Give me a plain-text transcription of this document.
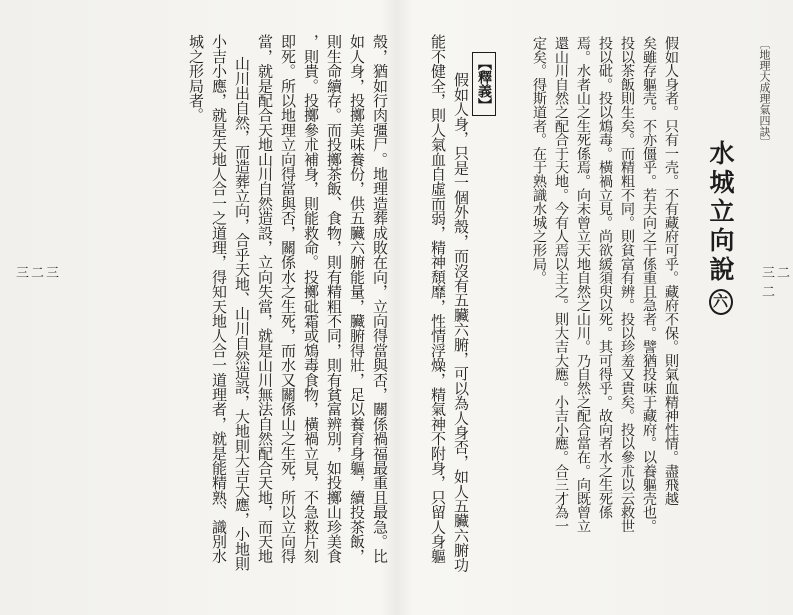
〔地理大成理氣四訣〕
三二二
三二三	水城立向說六
假如人身者。只有一壳。不有藏府可乎。藏府不保。則氣血精神性情。盡飛越
矣雖存軀壳。不亦僵乎。若夫向之干係重且急者。譬猶投味于藏府。以養軀壳也。
投以茶飯則生矣。而精粗不同。則貧富有辨。投以珍羞又貴矣。投以參朮以云救世
投以砒。投以鴆毒。橫禍立見。尚欲緩須臾以死。其可得乎。故向者水之生死係
焉。水者山之生死係焉。向未曾立天地自然之山川。乃自然之配合當在。向既曾立
還山川自然之配合于天地。今有人焉以主之。則大吉大應。小吉小應。合三才為一
定矣。得斯道者。在于熟識水城之形局。
【釋義】
假如人身，只是一個外殼，而沒有五臟六腑，可以為人身否，如人五臟六腑功
能不健全，則人氣血自虛而弱，精神頹靡，性情浮燥，精氣神不附身，只留人身軀
殼，猶如行肉彊尸。地理造葬成敗在向，立向得當與否，關係禍福最重且最急。比
如人身，投擲美味養份，供五臟六腑能量，臟腑得壯，足以養育身軀，續投茶飯，
則生命續存。而投擲茶飯、食物，則有精粗不同，則有貧富辨別，如投擲山珍美食
，則貴。投擲參朮補身，則能救命。投擲砒霜或鴆毒食物，橫禍立見，不急救片刻
即死。所以地理立向得當與否，關係水之生死，而水又關係山之生死，所以立向得
當，就是配合天地山川自然造設，立向失當，就是山川無法自然配合天地，而天地
山川出自然，而造葬立向，合乎天地、山川自然造設，大地則大吉大應，小地則
小吉小應，就是天地人合一之道理，得知天地人合一道理者，就是能精熟、識別水
城之形局者。
